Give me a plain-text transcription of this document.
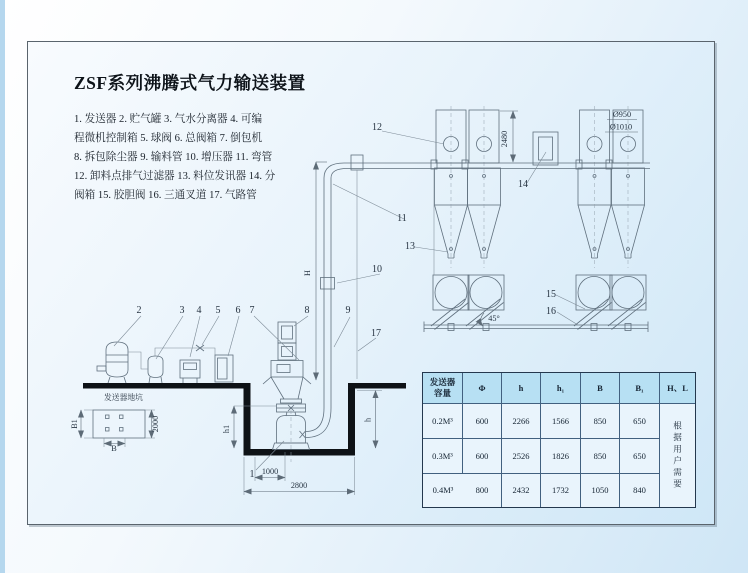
2480
Ø950
Ø1010
45°
H
h1
h
1000
2800
发送器地坑
B1	2000
B
1
2	3 4 5 6 7	8	9
10
11
12
13
14
15
16
17
ZSF系列沸腾式气力输送装置
1. 发送器 2. 贮气罐 3. 气水分离器 4. 可编
程微机控制箱 5. 球阀 6. 总阀箱 7. 倒包机
8. 拆包除尘器 9. 输料管 10. 增压器 11. 弯管
12. 卸料点排气过滤器 13. 料位发讯器 14. 分
阀箱 15. 胶胆阀 16. 三通叉道 17. 气路管
发送器
容量
Φ	h	h₁	B	B₁	H、L
0.2M³	600	2266	1566	850	650	根据用户需要
0.3M³	600	2526	1826	850	650
0.4M³	800	2432	1732	1050	840
